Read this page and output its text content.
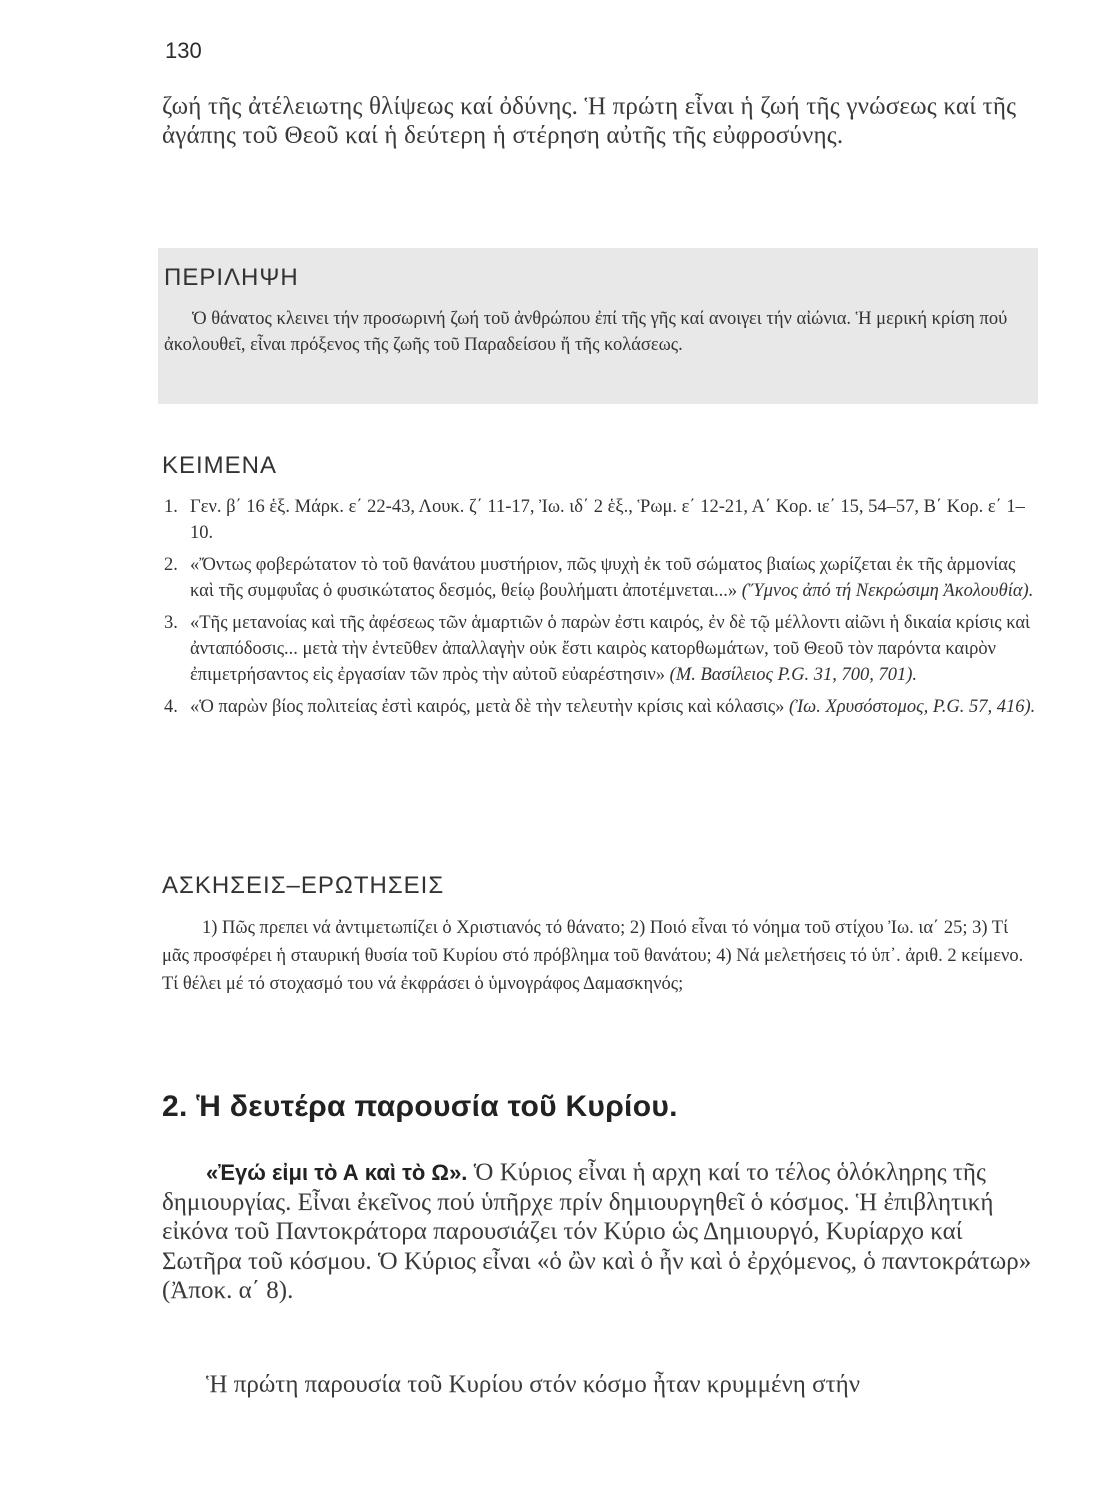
130

ζωή τῆς ἀτέλειωτης θλίψεως καί ὀδύνης. Ἡ πρώτη εἶναι ἡ ζωή τῆς γνώσεως καί τῆς ἀγάπης τοῦ Θεοῦ καί ἡ δεύτερη ἡ στέρηση αὐτῆς τῆς εὐφροσύνης.

ΠΕΡΙΛΗΨΗ

Ὁ θάνατος κλεινει τήν προσωρινή ζωή τοῦ ἀνθρώπου ἐπί τῆς γῆς καί ανοιγει τήν αἰώνια. Ἡ μερική κρίση πού ἀκολουθεῖ, εἶναι πρόξενος τῆς ζωῆς τοῦ Παραδείσου ἤ τῆς κολάσεως.

ΚΕΙΜΕΝΑ
1. Γεν. β΄ 16 ἑξ. Μάρκ. ε΄ 22-43, Λουκ. ζ΄ 11-17, Ἰω. ιδ΄ 2 ἑξ., Ῥωμ. ε΄ 12-21, Α΄ Κορ. ιε΄ 15, 54–57, Β΄ Κορ. ε΄ 1–10.
2. «Ὄντως φοβερώτατον τὸ τοῦ θανάτου μυστήριον, πῶς ψυχὴ ἐκ τοῦ σώματος βιαίως χωρίζεται ἐκ τῆς ἁρμονίας καὶ τῆς συμφυΐας ὁ φυσικώτατος δεσμός, θείῳ βουλήματι ἀποτέμνεται...» (Ὕμνος ἀπό τή Νεκρώσιμη Ἀκολουθία).
3. «Τῆς μετανοίας καὶ τῆς ἀφέσεως τῶν ἁμαρτιῶν ὁ παρὼν ἐστι καιρός, ἐν δὲ τῷ μέλλοντι αἰῶνι ἡ δικαία κρίσις καὶ ἀνταπόδοσις... μετὰ τὴν ἐντεῦθεν ἀπαλλαγὴν οὐκ ἔστι καιρὸς κατορθωμάτων, τοῦ Θεοῦ τὸν παρόντα καιρὸν ἐπιμετρήσαντος εἰς ἐργασίαν τῶν πρὸς τὴν αὐτοῦ εὐαρέστησιν» (Μ. Βασίλειος P.G. 31, 700, 701).
4. «Ὁ παρὼν βίος πολιτείας ἐστὶ καιρός, μετὰ δὲ τὴν τελευτὴν κρίσις καὶ κόλασις» (Ἰω. Χρυσόστομος, P.G. 57, 416).
ΑΣΚΗΣΕΙΣ–ΕΡΩΤΗΣΕΙΣ

1) Πῶς πρεπει νά ἀντιμετωπίζει ὁ Χριστιανός τό θάνατο; 2) Ποιό εἶναι τό νόημα τοῦ στίχου Ἰω. ια΄ 25; 3) Τί μᾶς προσφέρει ἡ σταυρική θυσία τοῦ Κυρίου στό πρόβλημα τοῦ θανάτου; 4) Νά μελετήσεις τό ὑπ᾽. ἀριθ. 2 κείμενο. Τί θέλει μέ τό στοχασμό του νά ἐκφράσει ὁ ὑμνογράφος Δαμασκηνός;

2. Ἡ δευτέρα παρουσία τοῦ Κυρίου.

«Ἐγώ εἰμι τὸ Α καὶ τὸ Ω». Ὁ Κύριος εἶναι ἡ αρχη καί το τέλος ὁλόκληρης τῆς δημιουργίας. Εἶναι ἐκεῖνος πού ὑπῆρχε πρίν δημιουργηθεῖ ὁ κόσμος. Ἡ ἐπιβλητική εἰκόνα τοῦ Παντοκράτορα παρουσιάζει τόν Κύριο ὡς Δημιουργό, Κυρίαρχο καί Σωτῆρα τοῦ κόσμου. Ὁ Κύριος εἶναι «ὁ ὢν καὶ ὁ ἦν καὶ ὁ ἐρχόμενος, ὁ παντοκράτωρ» (Ἀποκ. α΄ 8).

Ἡ πρώτη παρουσία τοῦ Κυρίου στόν κόσμο ἦταν κρυμμένη στήν
